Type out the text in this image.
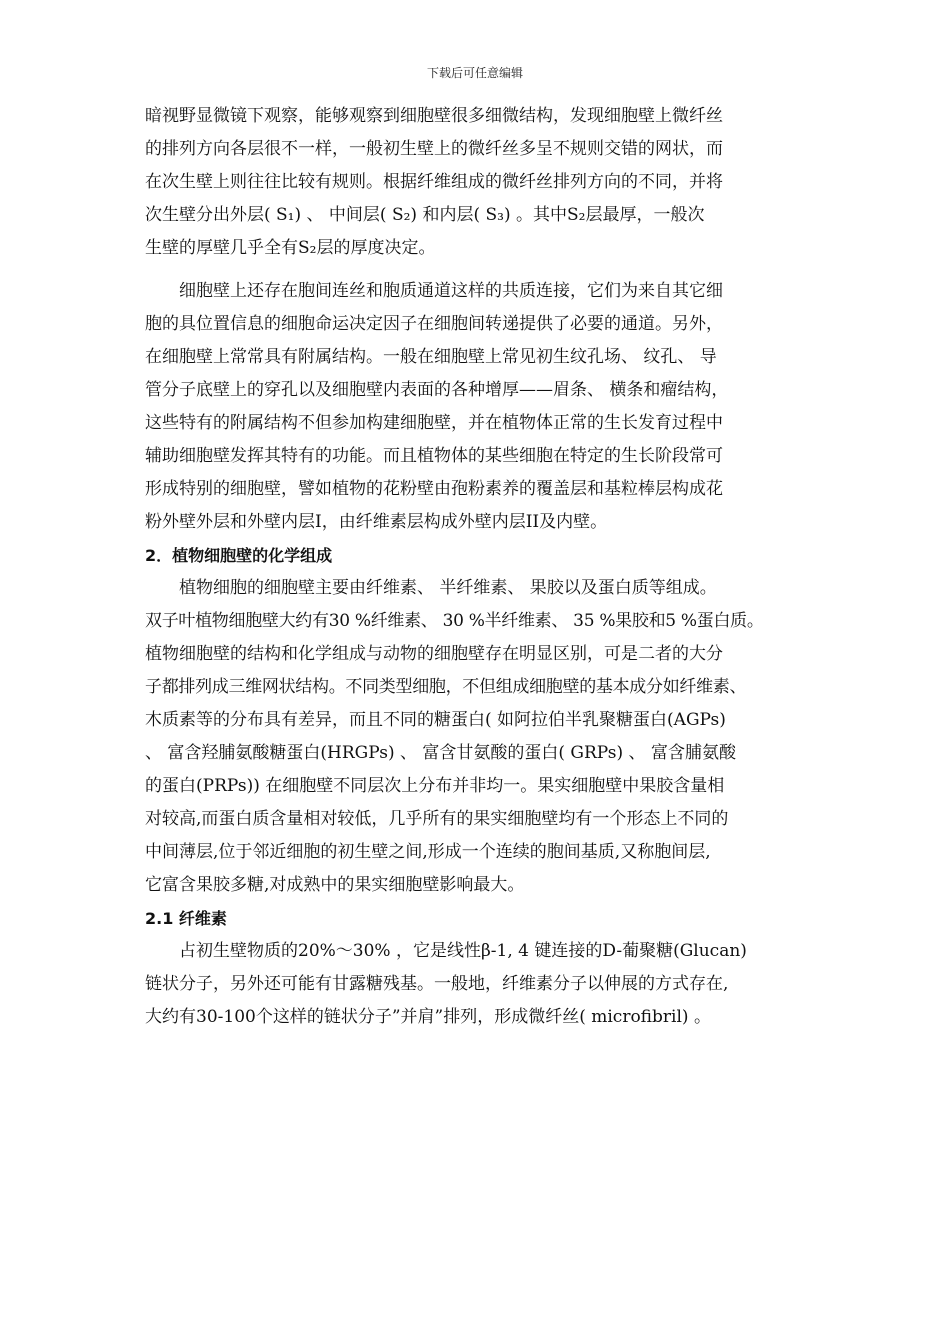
下载后可任意编辑
暗视野显微镜下观察，能够观察到细胞壁很多细微结构，发现细胞壁上微纤丝
的排列方向各层很不一样，一般初生壁上的微纤丝多呈不规则交错的网状，而
在次生壁上则往往比较有规则。根据纤维组成的微纤丝排列方向的不同，并将
次生壁分出外层( S₁) 、 中间层( S₂) 和内层( S₃) 。其中S₂层最厚，一般次
生壁的厚壁几乎全有S₂层的厚度决定。
细胞壁上还存在胞间连丝和胞质通道这样的共质连接，它们为来自其它细
胞的具位置信息的细胞命运决定因子在细胞间转递提供了必要的通道。另外，
在细胞壁上常常具有附属结构。一般在细胞壁上常见初生纹孔场、 纹孔、 导
管分子底壁上的穿孔以及细胞壁内表面的各种增厚——眉条、 横条和瘤结构，
这些特有的附属结构不但参加构建细胞壁，并在植物体正常的生长发育过程中
辅助细胞壁发挥其特有的功能。而且植物体的某些细胞在特定的生长阶段常可
形成特别的细胞壁，譬如植物的花粉壁由孢粉素养的覆盖层和基粒棒层构成花
粉外壁外层和外壁内层I，由纤维素层构成外壁内层II及内壁。
2．植物细胞壁的化学组成
植物细胞的细胞壁主要由纤维素、 半纤维素、 果胶以及蛋白质等组成。
双子叶植物细胞壁大约有30 %纤维素、 30 %半纤维素、 35 %果胶和5 %蛋白质。
植物细胞壁的结构和化学组成与动物的细胞壁存在明显区别，可是二者的大分
子都排列成三维网状结构。不同类型细胞，不但组成细胞壁的基本成分如纤维素、
木质素等的分布具有差异，而且不同的糖蛋白( 如阿拉伯半乳聚糖蛋白(AGPs)
、 富含羟脯氨酸糖蛋白(HRGPs) 、 富含甘氨酸的蛋白( GRPs) 、 富含脯氨酸
的蛋白(PRPs)) 在细胞壁不同层次上分布并非均一。果实细胞壁中果胶含量相
对较高,而蛋白质含量相对较低，几乎所有的果实细胞壁均有一个形态上不同的
中间薄层,位于邻近细胞的初生壁之间,形成一个连续的胞间基质,又称胞间层,
它富含果胶多糖,对成熟中的果实细胞壁影响最大。
2.1 纤维素
占初生壁物质的20%～30% ，它是线性β-1, 4 键连接的D-葡聚糖(Glucan)
链状分子，另外还可能有甘露糖残基。一般地，纤维素分子以伸展的方式存在,
大约有30-100个这样的链状分子”并肩”排列，形成微纤丝( microfibril) 。
